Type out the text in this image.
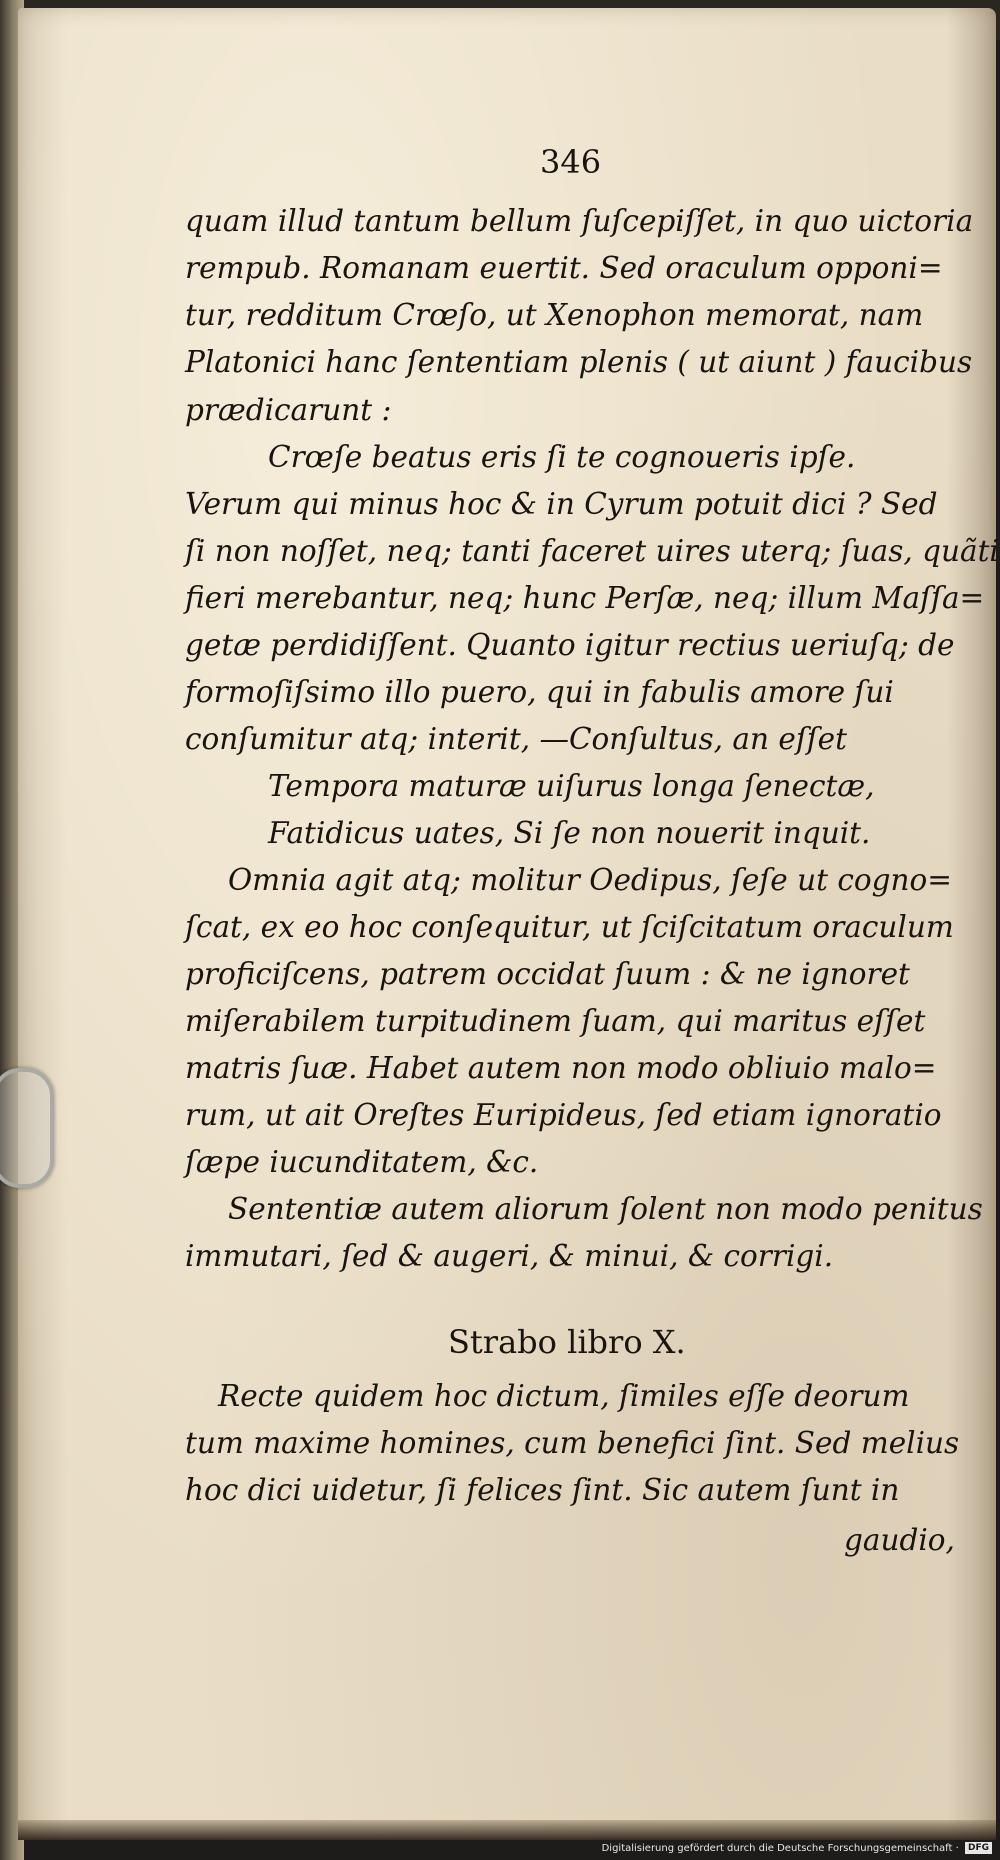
346
quam illud tantum bellum ſuſcepiſſet, in quo uictoria
rempub. Romanam euertit. Sed oraculum opponi=
tur, redditum Crœſo, ut Xenophon memorat, nam
Platonici hanc ſententiam plenis ( ut aiunt ) faucibus
prædicarunt :
Crœſe beatus eris ſi te cognoueris ipſe.
Verum qui minus hoc & in Cyrum potuit dici ? Sed
ſi non noſſet, neq; tanti faceret uires uterq; ſuas, quãti
fieri merebantur, neq; hunc Perſæ, neq; illum Maſſa=
getæ perdidiſſent. Quanto igitur rectius ueriuſq; de
formoſiſsimo illo puero, qui in fabulis amore ſui
conſumitur atq; interit, —Conſultus, an eſſet
Tempora maturæ uiſurus longa ſenectæ,
Fatidicus uates, Si ſe non nouerit inquit.
Omnia agit atq; molitur Oedipus, ſeſe ut cogno=
ſcat, ex eo hoc conſequitur, ut ſciſcitatum oraculum
proficiſcens, patrem occidat ſuum : & ne ignoret
miſerabilem turpitudinem ſuam, qui maritus eſſet
matris ſuæ. Habet autem non modo obliuio malo=
rum, ut ait Oreſtes Euripideus, ſed etiam ignoratio
ſæpe iucunditatem, &c.
Sententiæ autem aliorum ſolent non modo penitus
immutari, ſed & augeri, & minui, & corrigi.
Strabo libro X.
Recte quidem hoc dictum, ſimiles eſſe deorum
tum maxime homines, cum benefici ſint. Sed melius
hoc dici uidetur, ſi felices ſint. Sic autem ſunt in
gaudio,
Digitalisierung gefördert durch die Deutsche Forschungsgemeinschaft · DFG
